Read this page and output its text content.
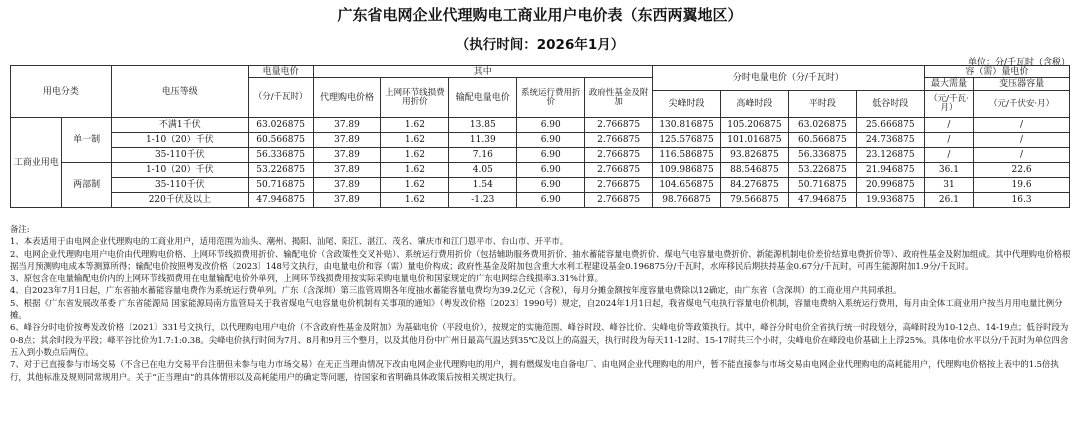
广东省电网企业代理购电工商业用户电价表（东西两翼地区）
（执行时间：2026年1月）
单位：分/千瓦时（含税）
用电分类		电压等级	电量电价	其中					分时电量电价（分/千瓦时）				容（需）量电价	
			（分/千瓦时）	代理购电价格	上网环节线损费用折价	输配电量电价	系统运行费用折价	政府性基金及附加					最大需量	变压器容量
									尖峰时段	高峰时段	平时段	低谷时段	（元/千瓦·月）	（元/千伏安·月）
工商业用电	单一制	不满1千伏	63.026875	37.89	1.62	13.85	6.90	2.766875	130.816875	105.206875	63.026875	25.666875	/	/
		1-10（20）千伏	60.566875	37.89	1.62	11.39	6.90	2.766875	125.576875	101.016875	60.566875	24.736875	/	/
		35-110千伏	56.336875	37.89	1.62	7.16	6.90	2.766875	116.586875	93.826875	56.336875	23.126875	/	/
	两部制	1-10（20）千伏	53.226875	37.89	1.62	4.05	6.90	2.766875	109.986875	88.546875	53.226875	21.946875	36.1	22.6
		35-110千伏	50.716875	37.89	1.62	1.54	6.90	2.766875	104.656875	84.276875	50.716875	20.996875	31	19.6
		220千伏及以上	47.946875	37.89	1.62	-1.23	6.90	2.766875	98.766875	79.566875	47.946875	19.936875	26.1	16.3

备注:

1、本表适用于由电网企业代理购电的工商业用户，适用范围为汕头、潮州、揭阳、汕尾、阳江、湛江、茂名、肇庆市和江门恩平市、台山市、开平市。

2、电网企业代理购电用户电价由代理购电价格、上网环节线损费用折价、输配电价（含政策性交叉补贴）、系统运行费用折价（包括辅助服务费用折价、抽水蓄能容量电费折价、煤电气电容量电费折价、新能源机制电价差价结算电费折价等）、政府性基金及附加组成。其中代理购电价格根据当月预测购电成本等测算所得；输配电价按照粤发改价格〔2023〕148号文执行，由电量电价和容（需）量电价构成；政府性基金及附加包含重大水利工程建设基金0.196875分/千瓦时，水库移民后期扶持基金0.67分/千瓦时，可再生能源附加1.9分/千瓦时。

3、原包含在电量输配电价内的上网环节线损费用在电量输配电价外单列，上网环节线损费用按实际采购电量电价和国家规定的广东电网综合线损率3.31%计算。

4、自2023年7月1日起，广东省抽水蓄能容量电费作为系统运行费单列。广东（含深圳）第三监管周期各年度抽水蓄能容量电费均为39.2亿元（含税），每月分摊金额按年度容量电费除以12确定，由广东省（含深圳）的工商业用户共同承担。

5、根据《广东省发展改革委 广东省能源局 国家能源局南方监管局关于我省煤电气电容量电价机制有关事项的通知》（粤发改价格〔2023〕1990号）规定，自2024年1月1日起，我省煤电气电执行容量电价机制，容量电费纳入系统运行费用，每月由全体工商业用户按当月用电量比例分摊。

6、峰谷分时电价按粤发改价格〔2021〕331号文执行，以代理购电用户电价（不含政府性基金及附加）为基础电价（平段电价），按规定的实施范围、峰谷时段、峰谷比价、尖峰电价等政策执行。其中，峰谷分时电价全省执行统一时段划分，高峰时段为10-12点、14-19点；低谷时段为0-8点；其余时段为平段；峰平谷比价为1.7:1:0.38。尖峰电价执行时间为7月、8月和9月三个整月，以及其他月份中广州日最高气温达到35℃及以上的高温天，执行时段为每天11-12时、15-17时共三个小时，尖峰电价在峰段电价基础上上浮25%。具体电价水平以分/千瓦时为单位四舍五入到小数点后两位。

7、对于已直接参与市场交易（不含已在电力交易平台注册但未参与电力市场交易）在无正当理由情况下改由电网企业代理购电的用户，拥有燃煤发电自备电厂、由电网企业代理购电的用户，暂不能直接参与市场交易由电网企业代理购电的高耗能用户，代理购电价格按上表中的1.5倍执行，其他标准及规则同常规用户。关于“正当理由”的具体情形以及高耗能用户的确定等问题，待国家和省明确具体政策后按相关规定执行。
